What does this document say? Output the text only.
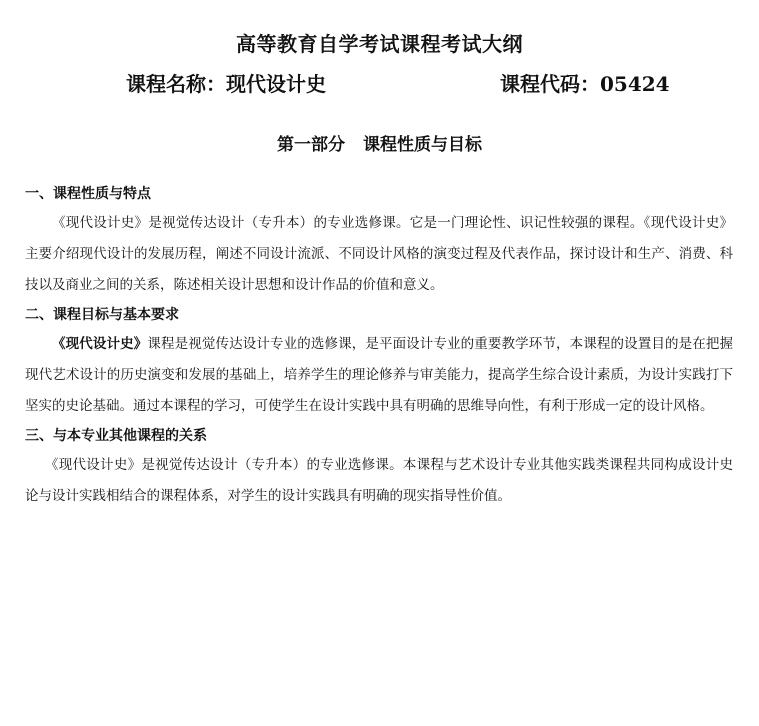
高等教育自学考试课程考试大纲
课程名称：现代设计史	课程代码：05424
第一部分 课程性质与目标

一、课程性质与特点

《现代设计史》是视觉传达设计（专升本）的专业选修课。它是一门理论性、识记性较强的课程。《现代设计史》主要介绍现代设计的发展历程，阐述不同设计流派、不同设计风格的演变过程及代表作品，探讨设计和生产、消费、科技以及商业之间的关系，陈述相关设计思想和设计作品的价值和意义。

二、课程目标与基本要求

《现代设计史》课程是视觉传达设计专业的选修课，是平面设计专业的重要教学环节，本课程的设置目的是在把握现代艺术设计的历史演变和发展的基础上，培养学生的理论修养与审美能力，提高学生综合设计素质，为设计实践打下坚实的史论基础。通过本课程的学习，可使学生在设计实践中具有明确的思维导向性，有利于形成一定的设计风格。

三、与本专业其他课程的关系

《现代设计史》是视觉传达设计（专升本）的专业选修课。本课程与艺术设计专业其他实践类课程共同构成设计史论与设计实践相结合的课程体系，对学生的设计实践具有明确的现实指导性价值。
